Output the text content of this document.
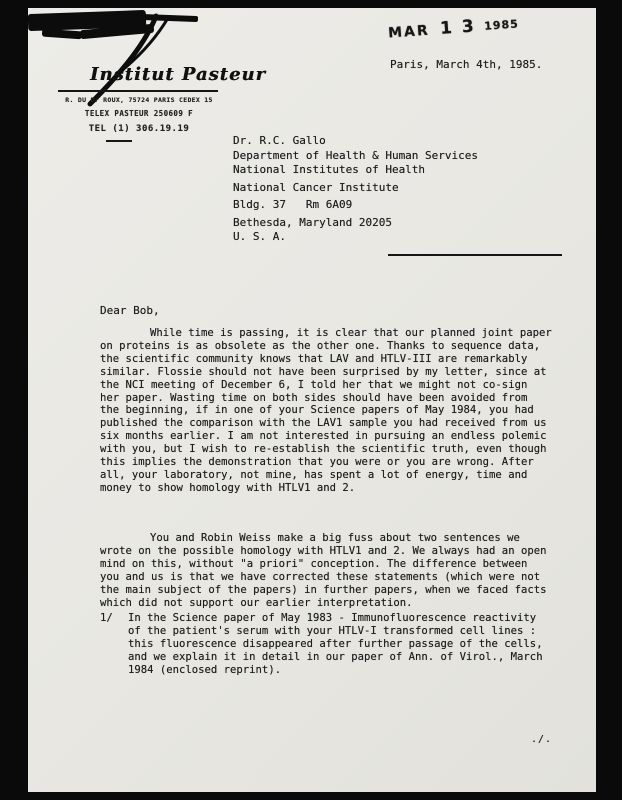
MAR 1 3 1985
Paris, March 4th, 1985.
Institut Pasteur
R. DU Dr ROUX, 75724 PARIS CEDEX 15
TELEX PASTEUR 250609 F
TEL (1) 306.19.19
Dr. R.C. Gallo
Department of Health & Human Services
National Institutes of Health
National Cancer Institute
Bldg. 37   Rm 6A09
Bethesda, Maryland 20205
U. S. A.
Dear Bob,
While time is passing, it is clear that our planned joint paper on proteins is as obsolete as the other one. Thanks to sequence data, the scientific community knows that LAV and HTLV-III are remarkably similar. Flossie should not have been surprised by my letter, since at the NCI meeting of December 6, I told her that we might not co-sign her paper. Wasting time on both sides should have been avoided from the beginning, if in one of your Science papers of May 1984, you had published the comparison with the LAV1 sample you had received from us six months earlier. I am not interested in pursuing an endless polemic with you, but I wish to re-establish the scientific truth, even though this implies the demonstration that you were or you are wrong. After all, your laboratory, not mine, has spent a lot of energy, time and money to show homology with HTLV1 and 2.
You and Robin Weiss make a big fuss about two sentences we wrote on the possible homology with HTLV1 and 2. We always had an open mind on this, without "a priori" conception. The difference between you and us is that we have corrected these statements (which were not the main subject of the papers) in further papers, when we faced facts which did not support our earlier interpretation.
1/	In the Science paper of May 1983 - Immunofluorescence reactivity of the patient's serum with your HTLV-I transformed cell lines : this fluorescence disappeared after further passage of the cells, and we explain it in detail in our paper of Ann. of Virol., March 1984 (enclosed reprint).
./.
